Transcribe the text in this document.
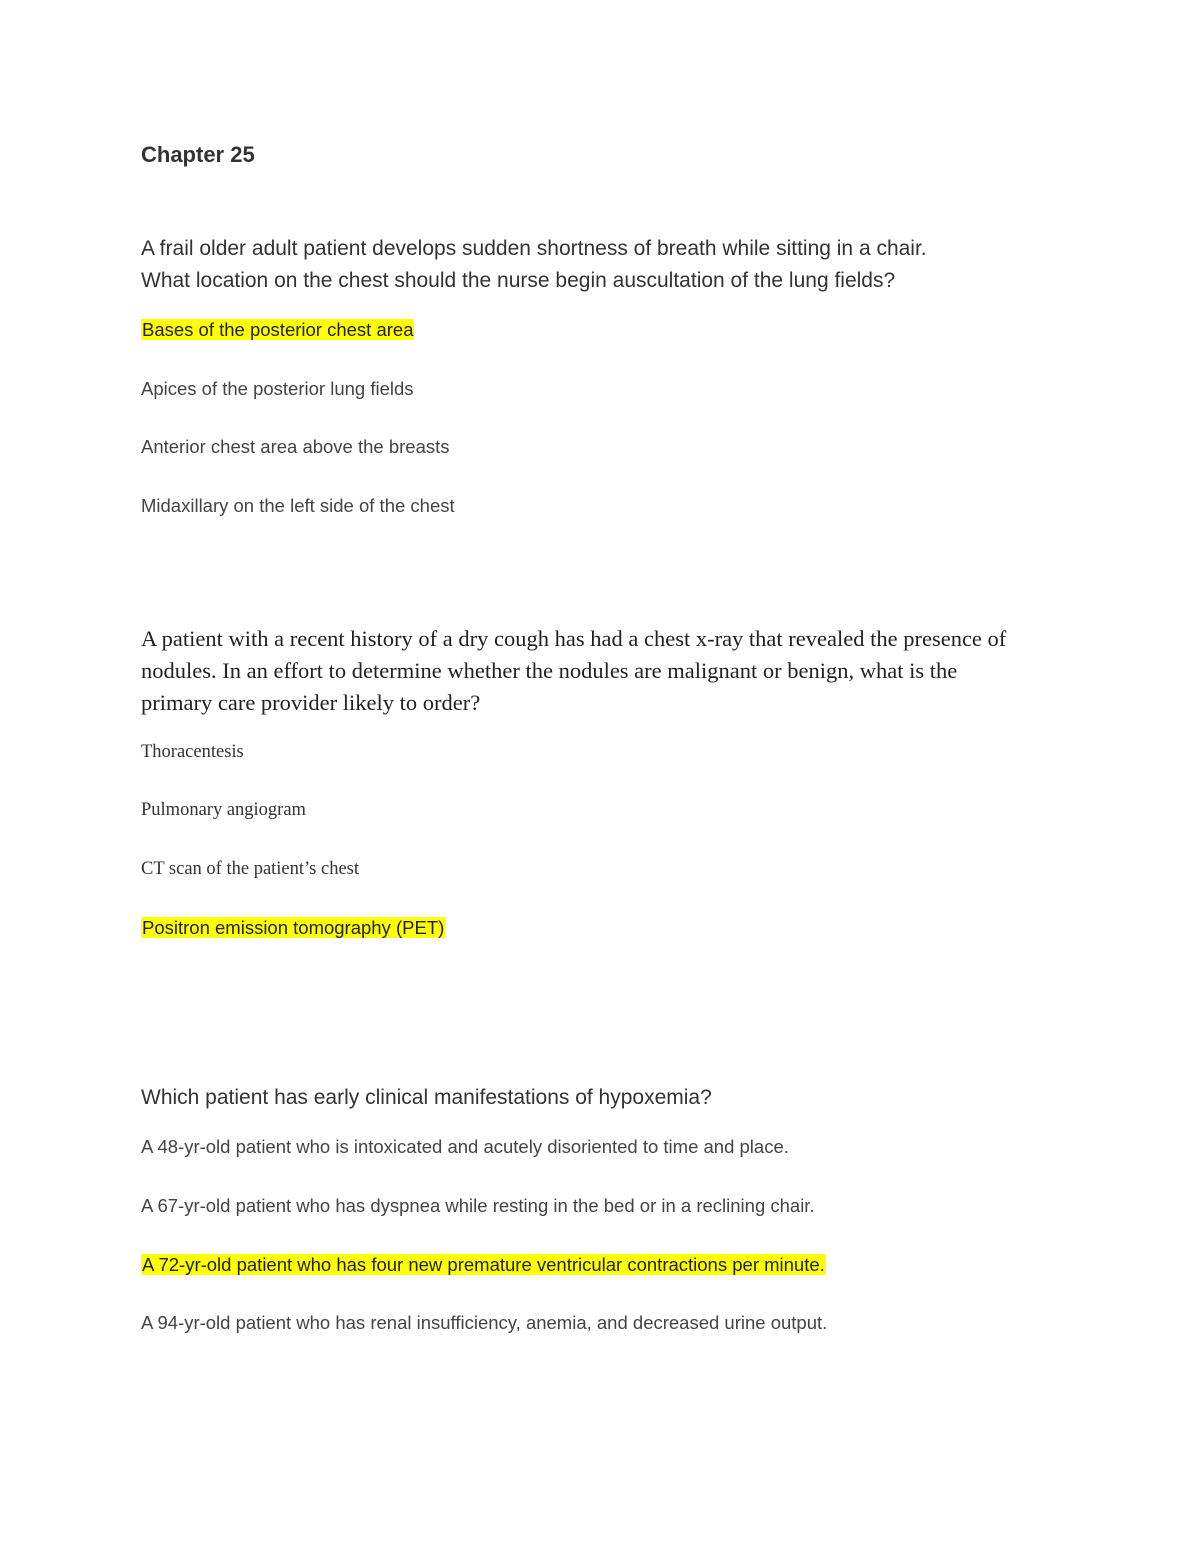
Chapter 25
A frail older adult patient develops sudden shortness of breath while sitting in a chair.
What location on the chest should the nurse begin auscultation of the lung fields?
Bases of the posterior chest area
Apices of the posterior lung fields
Anterior chest area above the breasts
Midaxillary on the left side of the chest
A patient with a recent history of a dry cough has had a chest x-ray that revealed the presence of
nodules. In an effort to determine whether the nodules are malignant or benign, what is the
primary care provider likely to order?
Thoracentesis
Pulmonary angiogram
CT scan of the patient’s chest
Positron emission tomography (PET)
Which patient has early clinical manifestations of hypoxemia?
A 48-yr-old patient who is intoxicated and acutely disoriented to time and place.
A 67-yr-old patient who has dyspnea while resting in the bed or in a reclining chair.
A 72-yr-old patient who has four new premature ventricular contractions per minute.
A 94-yr-old patient who has renal insufficiency, anemia, and decreased urine output.
